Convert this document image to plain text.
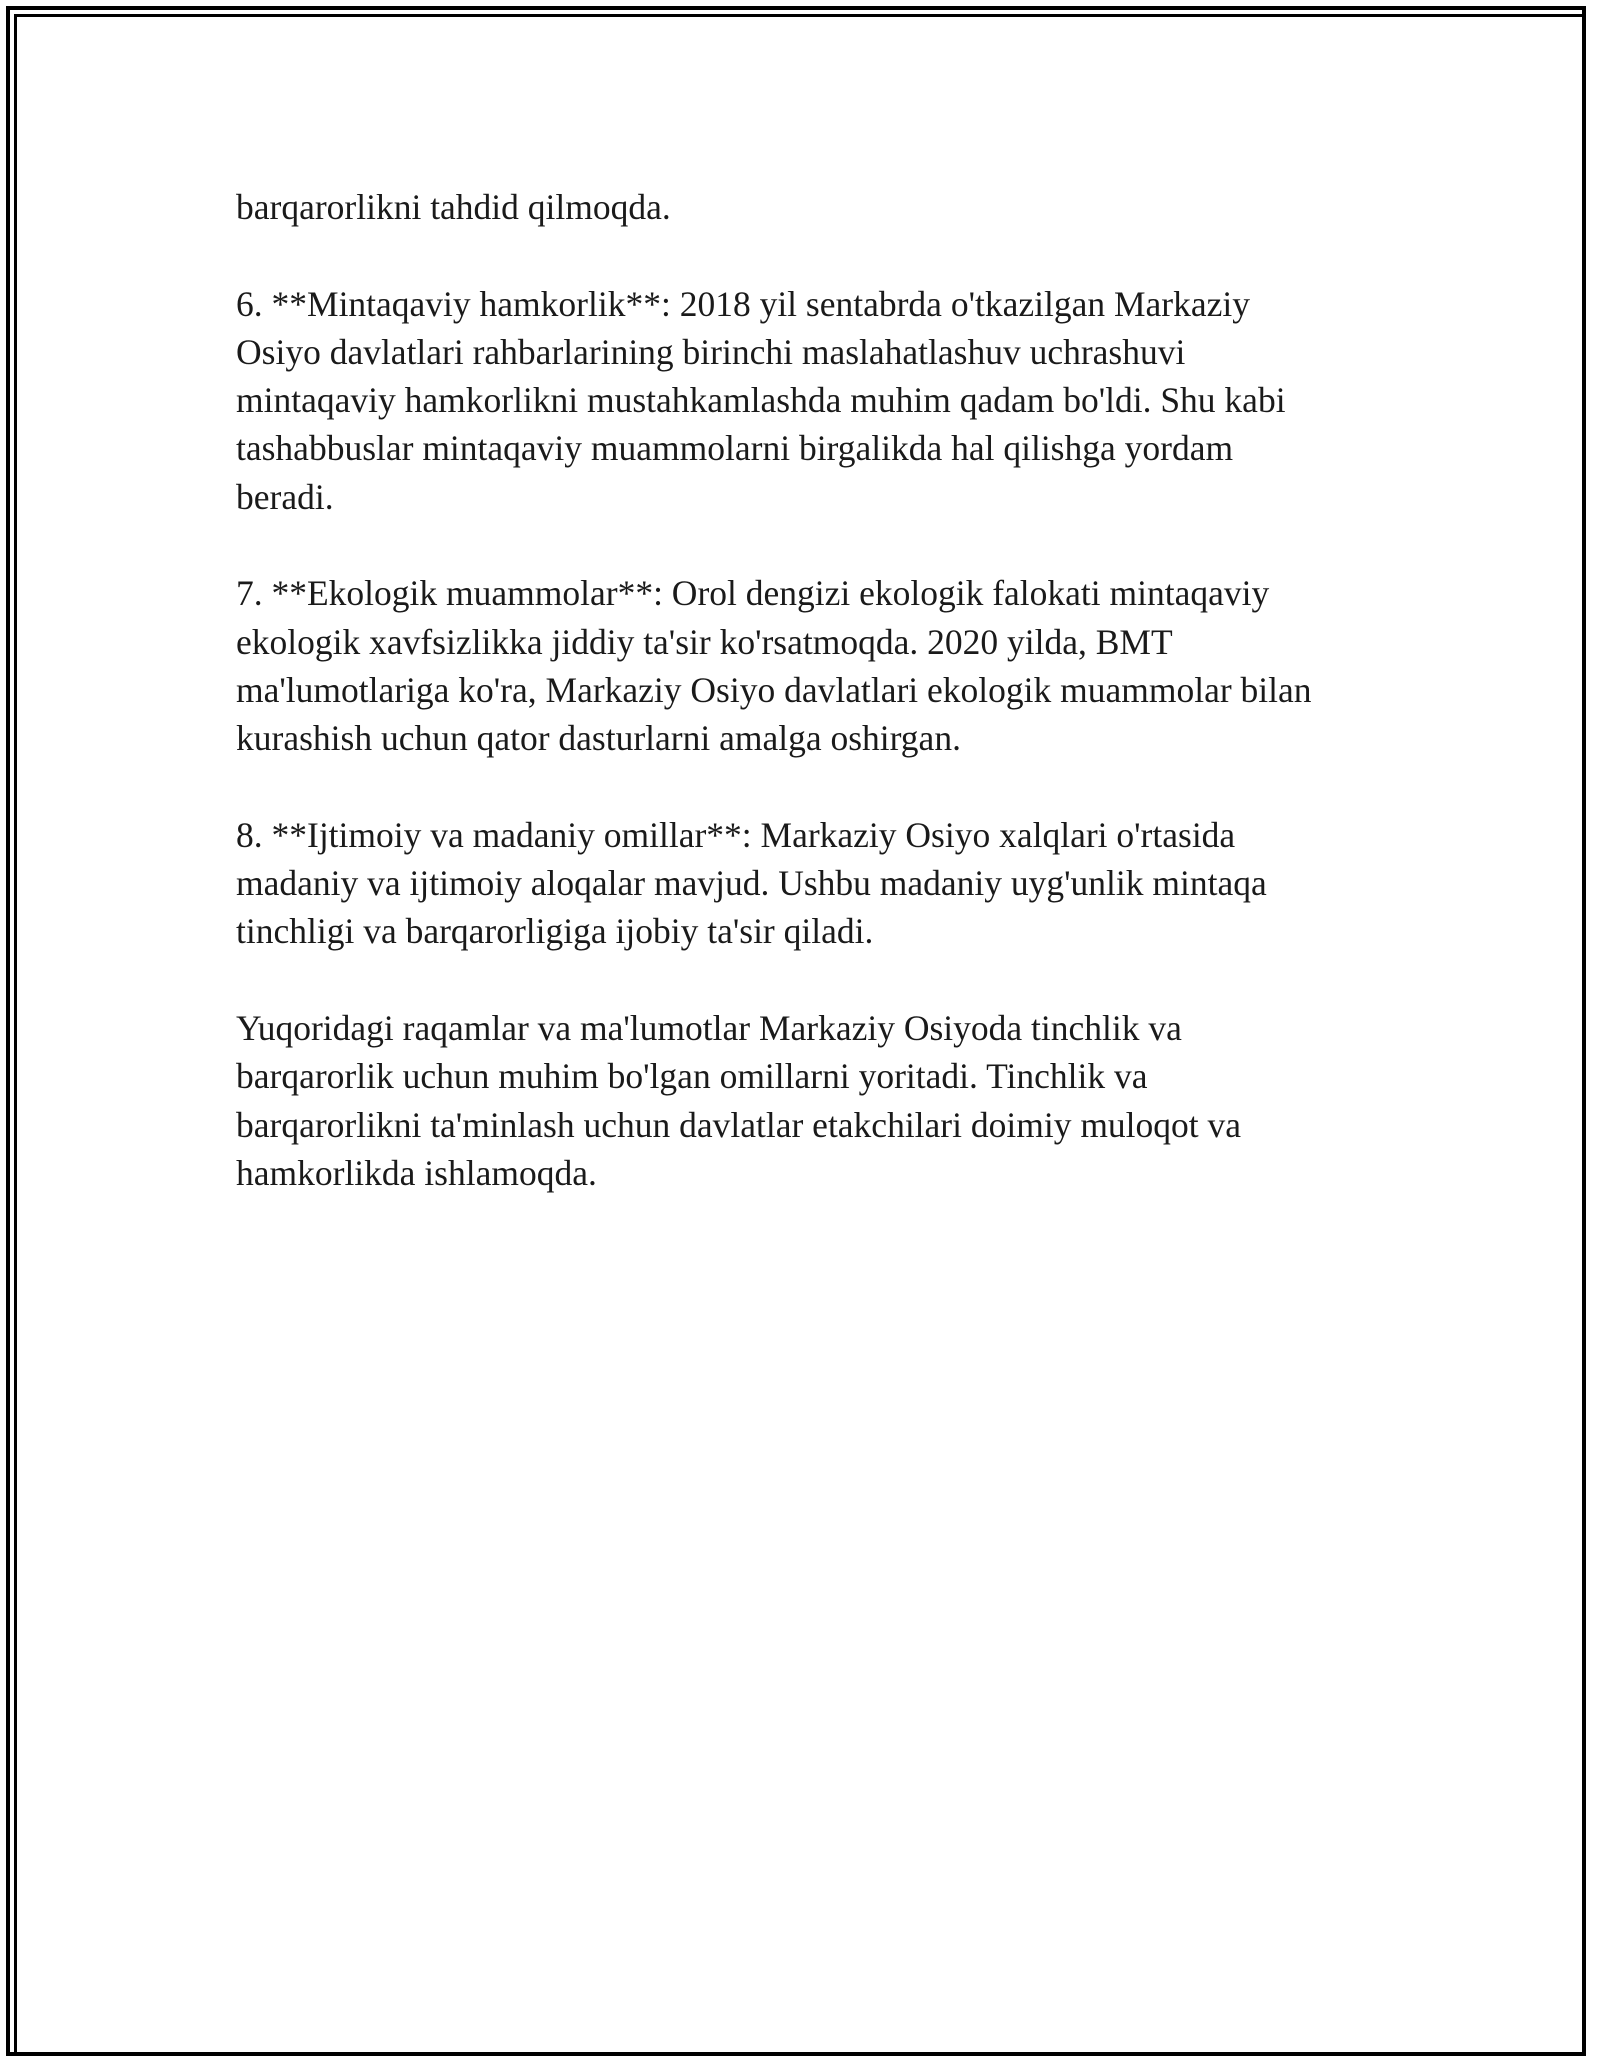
barqarorlikni tahdid qilmoqda.

6. **Mintaqaviy hamkorlik**: 2018 yil sentabrda o'tkazilgan Markaziy
Osiyo davlatlari rahbarlarining birinchi maslahatlashuv uchrashuvi
mintaqaviy hamkorlikni mustahkamlashda muhim qadam bo'ldi. Shu kabi
tashabbuslar mintaqaviy muammolarni birgalikda hal qilishga yordam
beradi.

7. **Ekologik muammolar**: Orol dengizi ekologik falokati mintaqaviy
ekologik xavfsizlikka jiddiy ta'sir ko'rsatmoqda. 2020 yilda, BMT
ma'lumotlariga ko'ra, Markaziy Osiyo davlatlari ekologik muammolar bilan
kurashish uchun qator dasturlarni amalga oshirgan.

8. **Ijtimoiy va madaniy omillar**: Markaziy Osiyo xalqlari o'rtasida
madaniy va ijtimoiy aloqalar mavjud. Ushbu madaniy uyg'unlik mintaqa
tinchligi va barqarorligiga ijobiy ta'sir qiladi.

Yuqoridagi raqamlar va ma'lumotlar Markaziy Osiyoda tinchlik va
barqarorlik uchun muhim bo'lgan omillarni yoritadi. Tinchlik va
barqarorlikni ta'minlash uchun davlatlar etakchilari doimiy muloqot va
hamkorlikda ishlamoqda.
